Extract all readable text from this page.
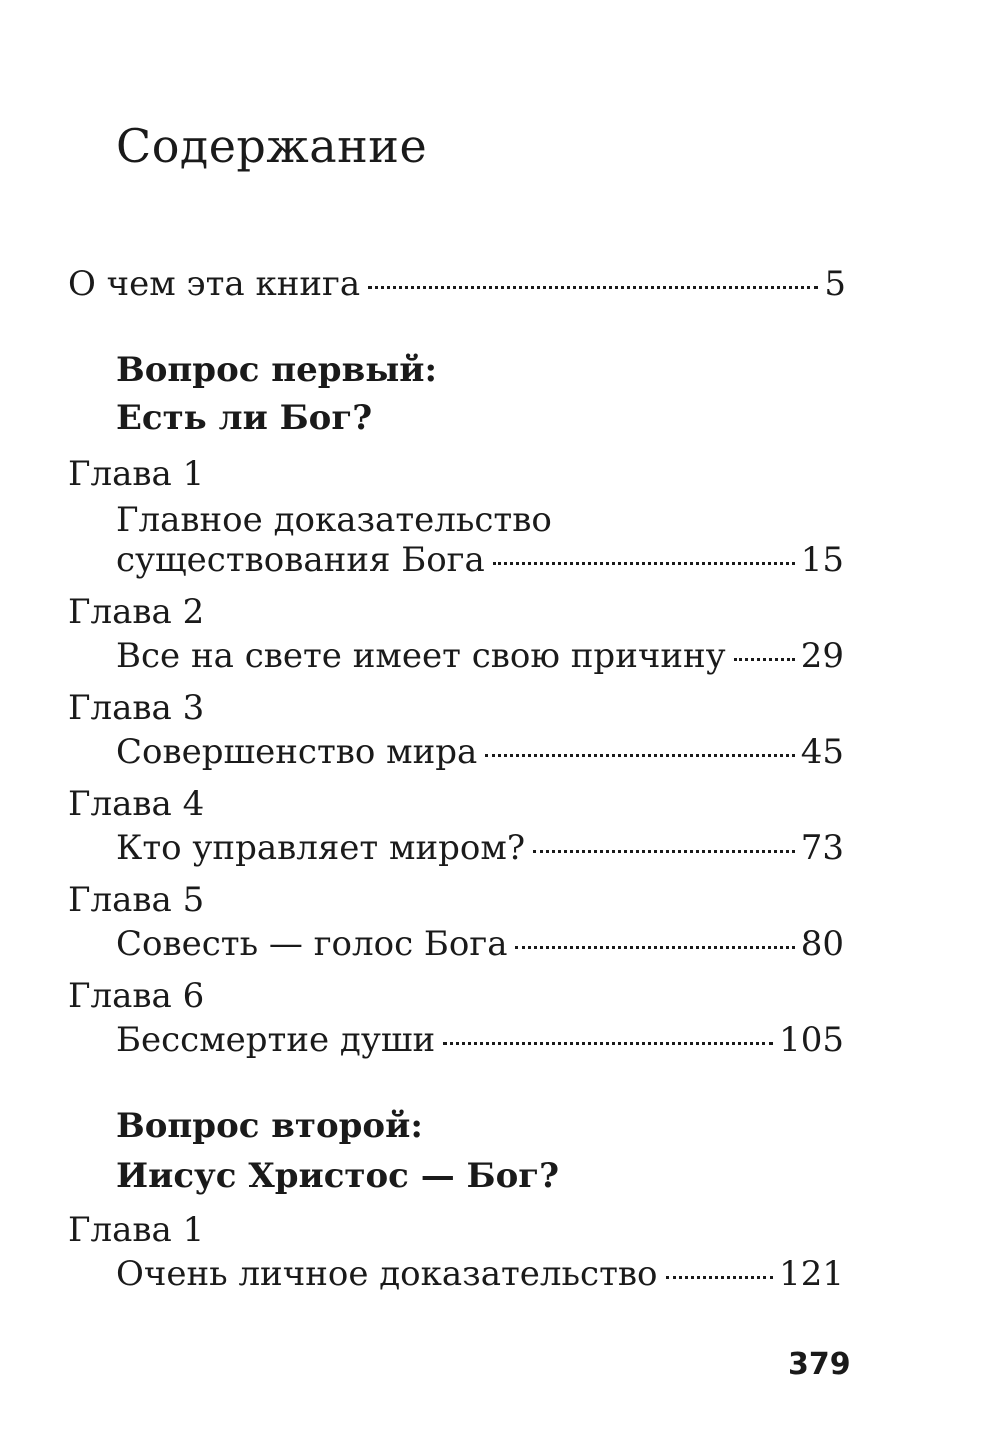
Содержание
О чем эта книга	5
Вопрос первый:
Есть ли Бог?
Глава 1
Главное доказательство
существования Бога	15
Глава 2
Все на свете имеет свою причину 29
Глава 3
Совершенство мира	45
Глава 4
Кто управляет миром?	73
Глава 5
Совесть — голос Бога	80
Глава 6
Бессмертие души	105
Вопрос второй:
Иисус Христос — Бог?
Глава 1
Очень личное доказательство	121
379
